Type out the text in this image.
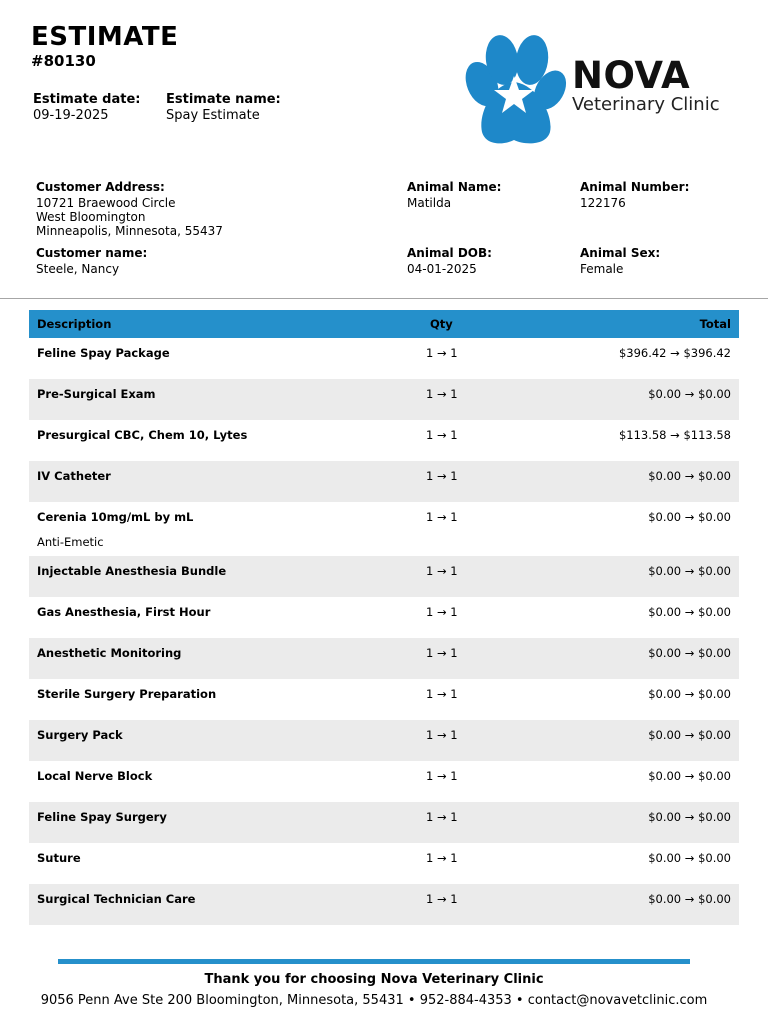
ESTIMATE
#80130
Estimate date:
09-19-2025
Estimate name:
Spay Estimate
NOVA
Veterinary Clinic
Customer Address:
10721 Braewood Circle
West Bloomington
Minneapolis, Minnesota, 55437
Customer name:
Steele, Nancy
Animal Name:
Matilda
Animal Number:
122176
Animal DOB:
04-01-2025
Animal Sex:
Female
Description	Qty	Total
Feline Spay Package	1 → 1	$396.42 → $396.42
Pre-Surgical Exam	1 → 1	$0.00 → $0.00
Presurgical CBC, Chem 10, Lytes	1 → 1	$113.58 → $113.58
IV Catheter	1 → 1	$0.00 → $0.00
Cerenia 10mg/mL by mL
Anti-Emetic
1 → 1	$0.00 → $0.00
Injectable Anesthesia Bundle	1 → 1	$0.00 → $0.00
Gas Anesthesia, First Hour	1 → 1	$0.00 → $0.00
Anesthetic Monitoring	1 → 1	$0.00 → $0.00
Sterile Surgery Preparation	1 → 1	$0.00 → $0.00
Surgery Pack	1 → 1	$0.00 → $0.00
Local Nerve Block	1 → 1	$0.00 → $0.00
Feline Spay Surgery	1 → 1	$0.00 → $0.00
Suture	1 → 1	$0.00 → $0.00
Surgical Technician Care	1 → 1	$0.00 → $0.00
Thank you for choosing Nova Veterinary Clinic
9056 Penn Ave Ste 200 Bloomington, Minnesota, 55431 • 952-884-4353 • contact@novavetclinic.com
